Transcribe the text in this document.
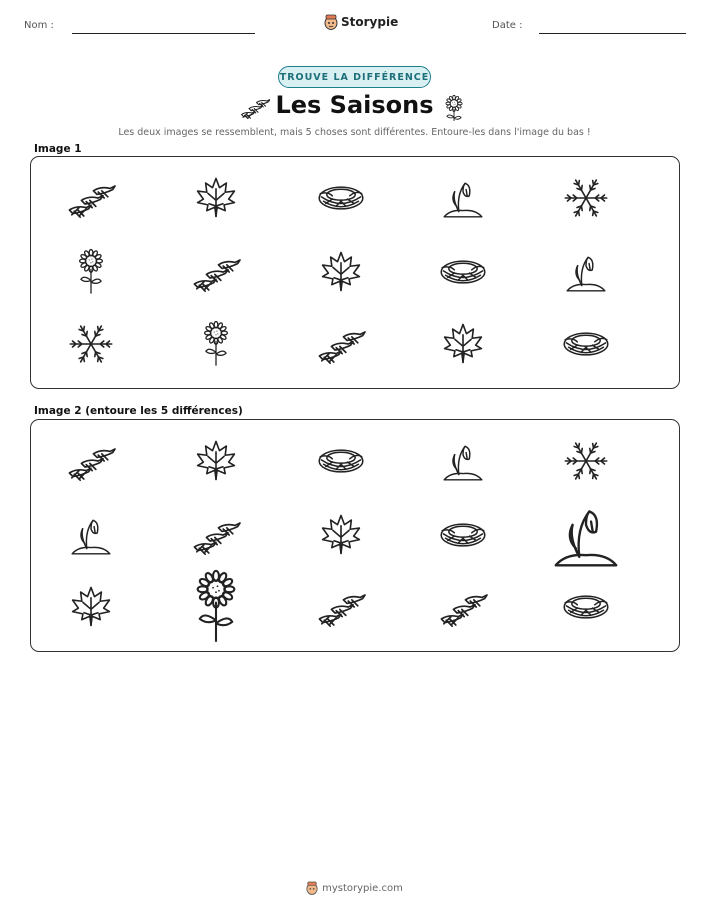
Nom :	Storypie	Date :
TROUVE LA DIFFÉRENCE
Les Saisons
Les deux images se ressemblent, mais 5 choses sont différentes. Entoure-les dans l'image du bas !
Image 1
Image 2 (entoure les 5 différences)
mystorypie.com
